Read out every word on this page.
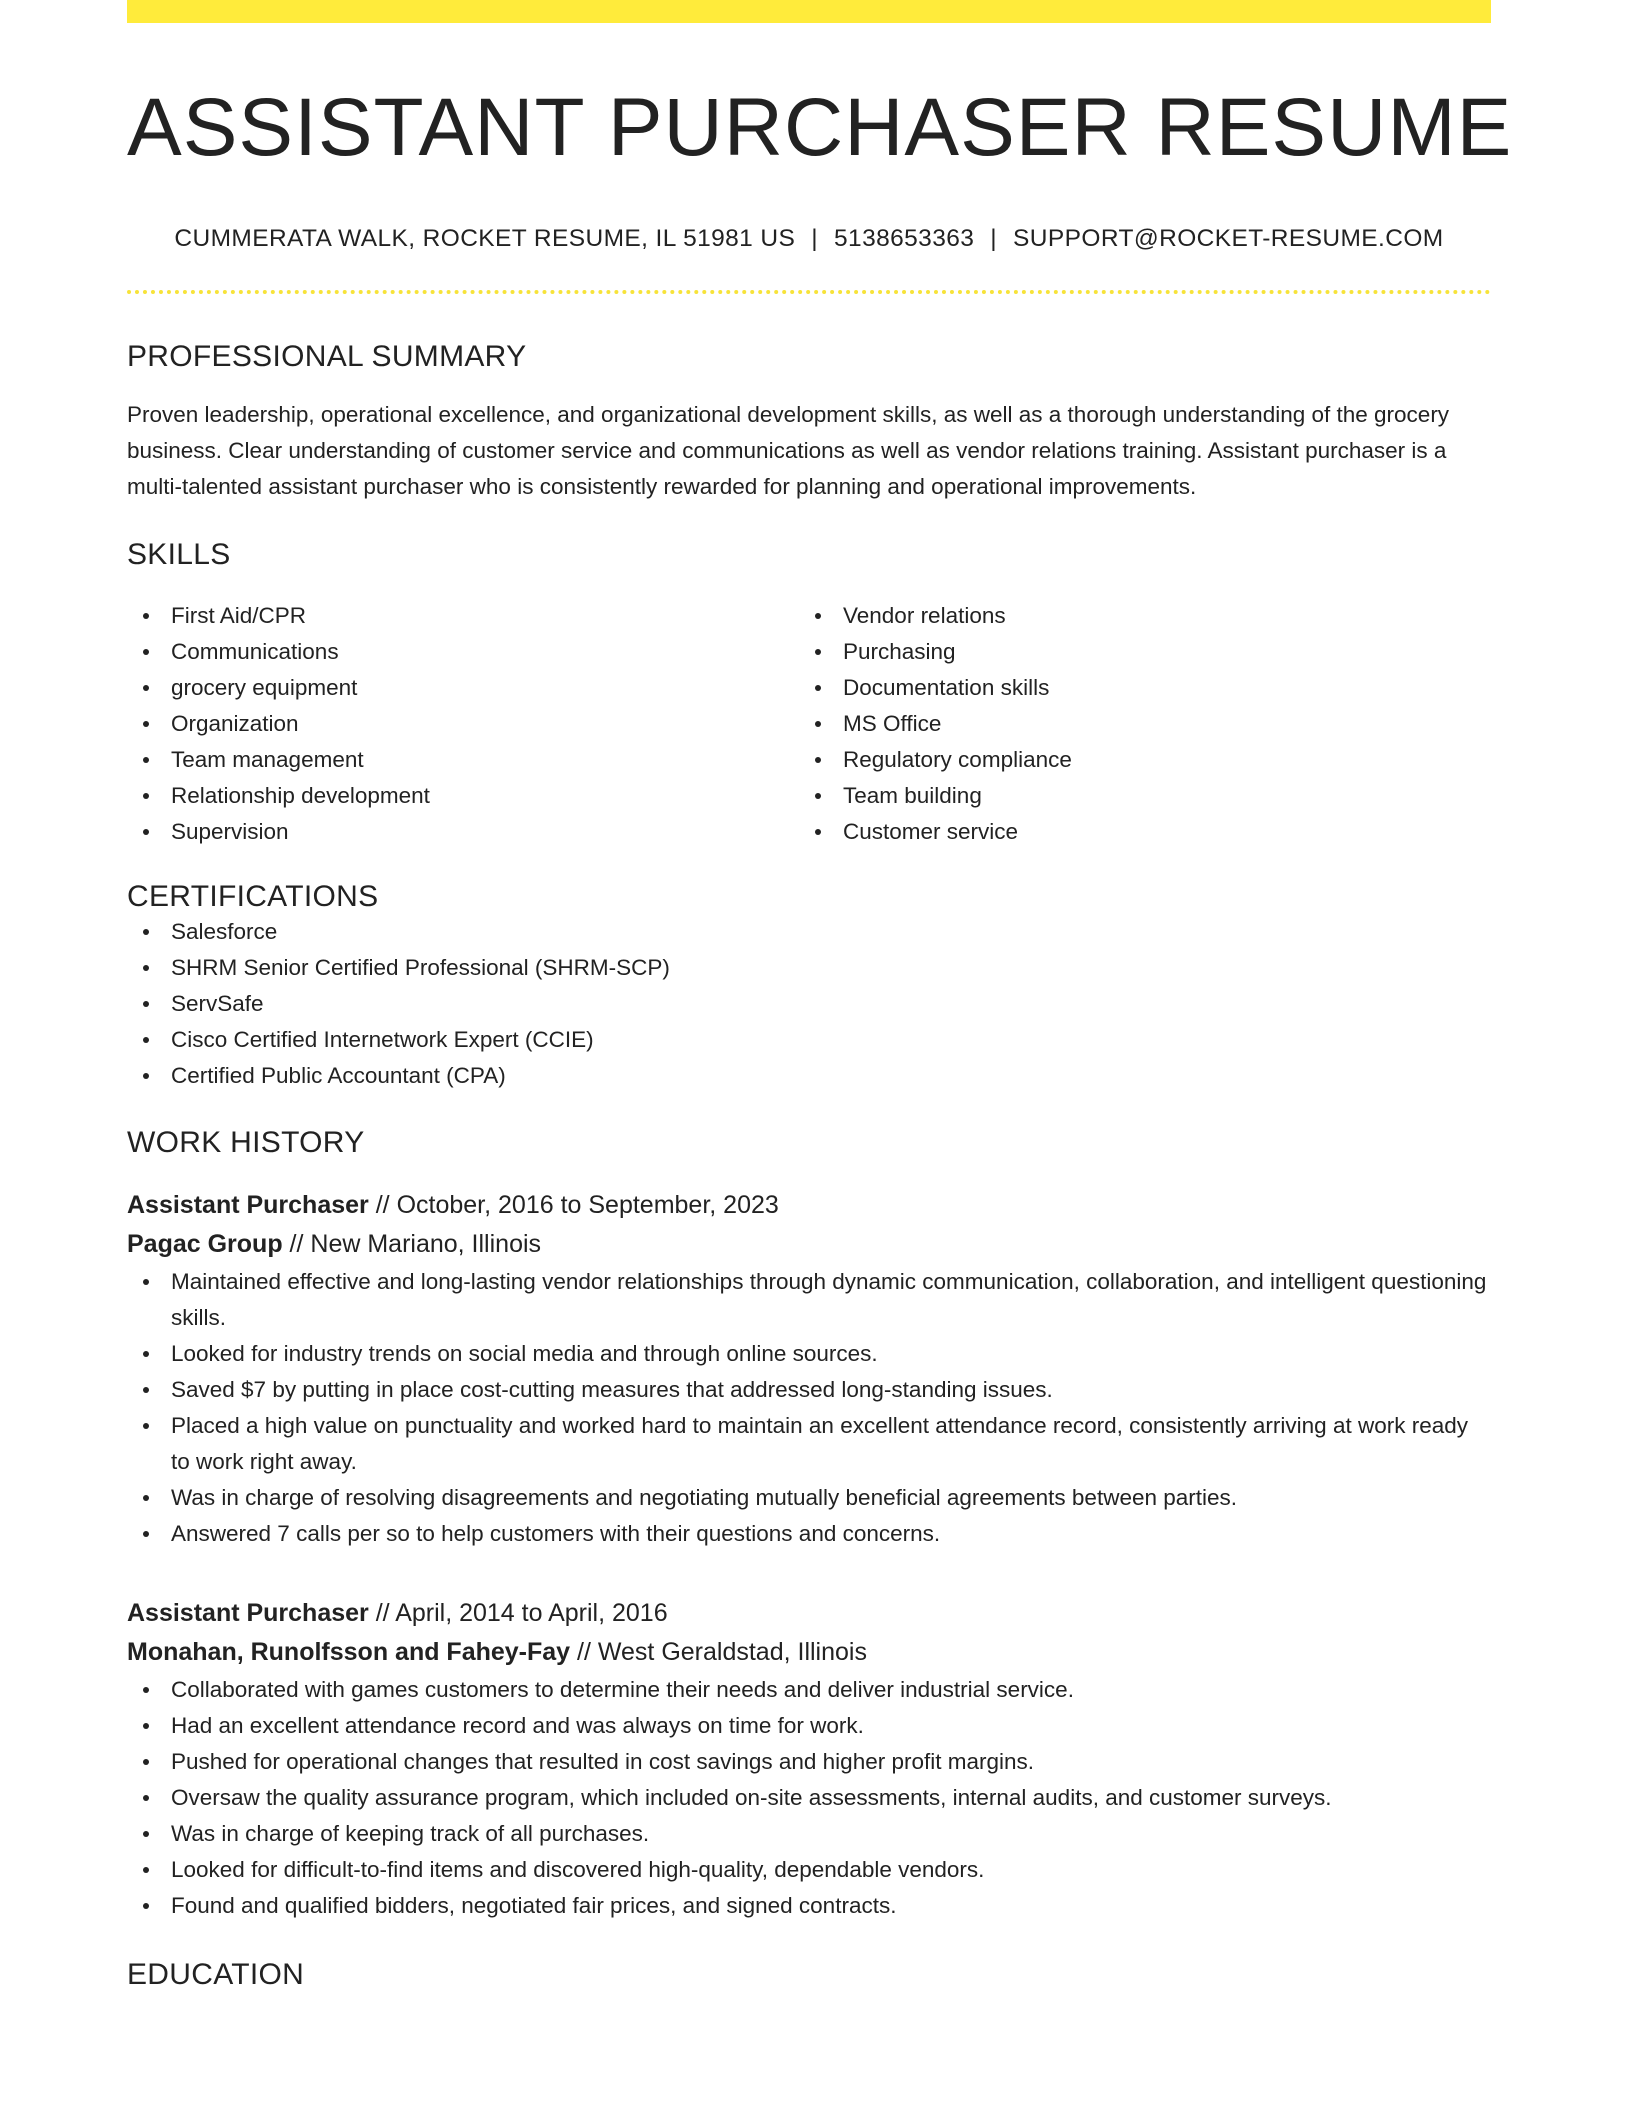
ASSISTANT PURCHASER RESUME
CUMMERATA WALK, ROCKET RESUME, IL 51981 US | 5138653363 | SUPPORT@ROCKET-RESUME.COM
PROFESSIONAL SUMMARY

Proven leadership, operational excellence, and organizational development skills, as well as a thorough understanding of the grocery business. Clear understanding of customer service and communications as well as vendor relations training. Assistant purchaser is a multi-talented assistant purchaser who is consistently rewarded for planning and operational improvements.

SKILLS
First Aid/CPR
Communications
grocery equipment
Organization
Team management
Relationship development
Supervision
Vendor relations
Purchasing
Documentation skills
MS Office
Regulatory compliance
Team building
Customer service
CERTIFICATIONS
Salesforce
SHRM Senior Certified Professional (SHRM-SCP)
ServSafe
Cisco Certified Internetwork Expert (CCIE)
Certified Public Accountant (CPA)
WORK HISTORY
Assistant Purchaser // October, 2016 to September, 2023
Pagac Group // New Mariano, Illinois
Maintained effective and long-lasting vendor relationships through dynamic communication, collaboration, and intelligent questioning skills.
Looked for industry trends on social media and through online sources.
Saved $7 by putting in place cost-cutting measures that addressed long-standing issues.
Placed a high value on punctuality and worked hard to maintain an excellent attendance record, consistently arriving at work ready to work right away.
Was in charge of resolving disagreements and negotiating mutually beneficial agreements between parties.
Answered 7 calls per so to help customers with their questions and concerns.
Assistant Purchaser // April, 2014 to April, 2016
Monahan, Runolfsson and Fahey-Fay // West Geraldstad, Illinois
Collaborated with games customers to determine their needs and deliver industrial service.
Had an excellent attendance record and was always on time for work.
Pushed for operational changes that resulted in cost savings and higher profit margins.
Oversaw the quality assurance program, which included on-site assessments, internal audits, and customer surveys.
Was in charge of keeping track of all purchases.
Looked for difficult-to-find items and discovered high-quality, dependable vendors.
Found and qualified bidders, negotiated fair prices, and signed contracts.
EDUCATION
